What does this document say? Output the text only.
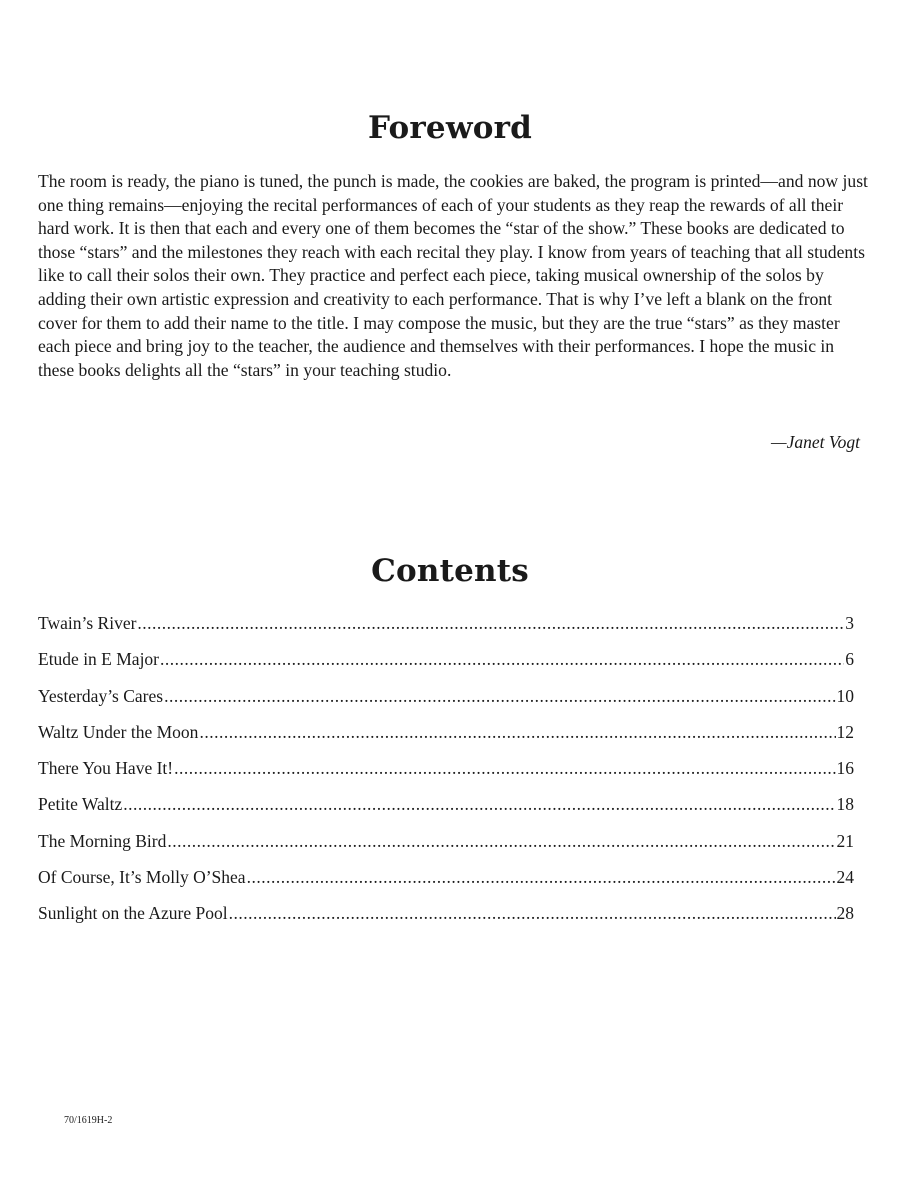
Foreword

The room is ready, the piano is tuned, the punch is made, the cookies are baked, the program is printed—and now just one thing remains—enjoying the recital performances of each of your students as they reap the rewards of all their hard work. It is then that each and every one of them becomes the “star of the show.” These books are dedicated to those “stars” and the milestones they reach with each recital they play. I know from years of teaching that all students like to call their solos their own. They practice and perfect each piece, taking musical ownership of the solos by adding their own artistic expression and creativity to each performance. That is why I’ve left a blank on the front cover for them to add their name to the title. I may compose the music, but they are the true “stars” as they master each piece and bring joy to the teacher, the audience and themselves with their performances. I hope the music in these books delights all the “stars” in your teaching studio.

—Janet Vogt
Contents
Twain’s River .....	3
Etude in E Major .....	6
Yesterday’s Cares .....	10
Waltz Under the Moon .....	12
There You Have It! .....	16
Petite Waltz .....	18
The Morning Bird .....	21
Of Course, It’s Molly O’Shea .....	24
Sunlight on the Azure Pool .....	28
70/1619H-2
